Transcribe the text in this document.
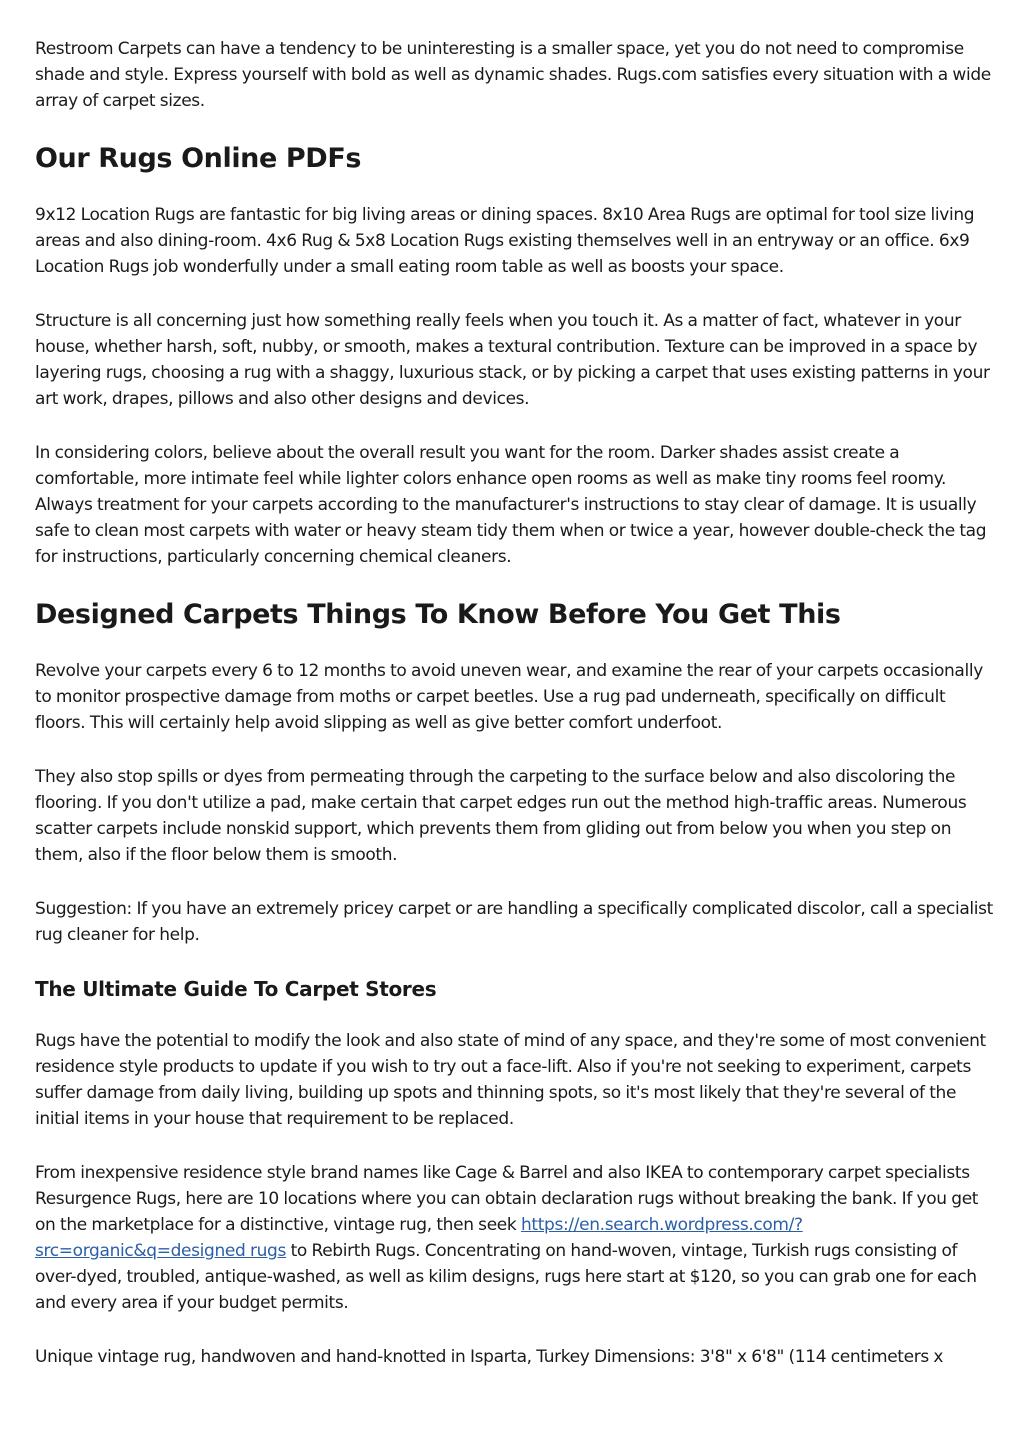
Restroom Carpets can have a tendency to be uninteresting is a smaller space, yet you do not need to compromise shade and style. Express yourself with bold as well as dynamic shades. Rugs.com satisfies every situation with a wide array of carpet sizes.

Our Rugs Online PDFs

9x12 Location Rugs are fantastic for big living areas or dining spaces. 8x10 Area Rugs are optimal for tool size living areas and also dining-room. 4x6 Rug & 5x8 Location Rugs existing themselves well in an entryway or an office. 6x9 Location Rugs job wonderfully under a small eating room table as well as boosts your space.

Structure is all concerning just how something really feels when you touch it. As a matter of fact, whatever in your house, whether harsh, soft, nubby, or smooth, makes a textural contribution. Texture can be improved in a space by layering rugs, choosing a rug with a shaggy, luxurious stack, or by picking a carpet that uses existing patterns in your art work, drapes, pillows and also other designs and devices.

In considering colors, believe about the overall result you want for the room. Darker shades assist create a comfortable, more intimate feel while lighter colors enhance open rooms as well as make tiny rooms feel roomy. Always treatment for your carpets according to the manufacturer's instructions to stay clear of damage. It is usually safe to clean most carpets with water or heavy steam tidy them when or twice a year, however double-check the tag for instructions, particularly concerning chemical cleaners.

Designed Carpets Things To Know Before You Get This

Revolve your carpets every 6 to 12 months to avoid uneven wear, and examine the rear of your carpets occasionally to monitor prospective damage from moths or carpet beetles. Use a rug pad underneath, specifically on difficult floors. This will certainly help avoid slipping as well as give better comfort underfoot.

They also stop spills or dyes from permeating through the carpeting to the surface below and also discoloring the flooring. If you don't utilize a pad, make certain that carpet edges run out the method high-traffic areas. Numerous scatter carpets include nonskid support, which prevents them from gliding out from below you when you step on them, also if the floor below them is smooth.

Suggestion: If you have an extremely pricey carpet or are handling a specifically complicated discolor, call a specialist rug cleaner for help.

The Ultimate Guide To Carpet Stores

Rugs have the potential to modify the look and also state of mind of any space, and they're some of most convenient residence style products to update if you wish to try out a face-lift. Also if you're not seeking to experiment, carpets suffer damage from daily living, building up spots and thinning spots, so it's most likely that they're several of the initial items in your house that requirement to be replaced.

From inexpensive residence style brand names like Cage & Barrel and also IKEA to contemporary carpet specialists Resurgence Rugs, here are 10 locations where you can obtain declaration rugs without breaking the bank. If you get on the marketplace for a distinctive, vintage rug, then seek https://en.search.wordpress.com/?src=organic&q=designed rugs to Rebirth Rugs. Concentrating on hand-woven, vintage, Turkish rugs consisting of over-dyed, troubled, antique-washed, as well as kilim designs, rugs here start at $120, so you can grab one for each and every area if your budget permits.

Unique vintage rug, handwoven and hand-knotted in Isparta, Turkey Dimensions: 3'8" x 6'8" (114 centimeters x
